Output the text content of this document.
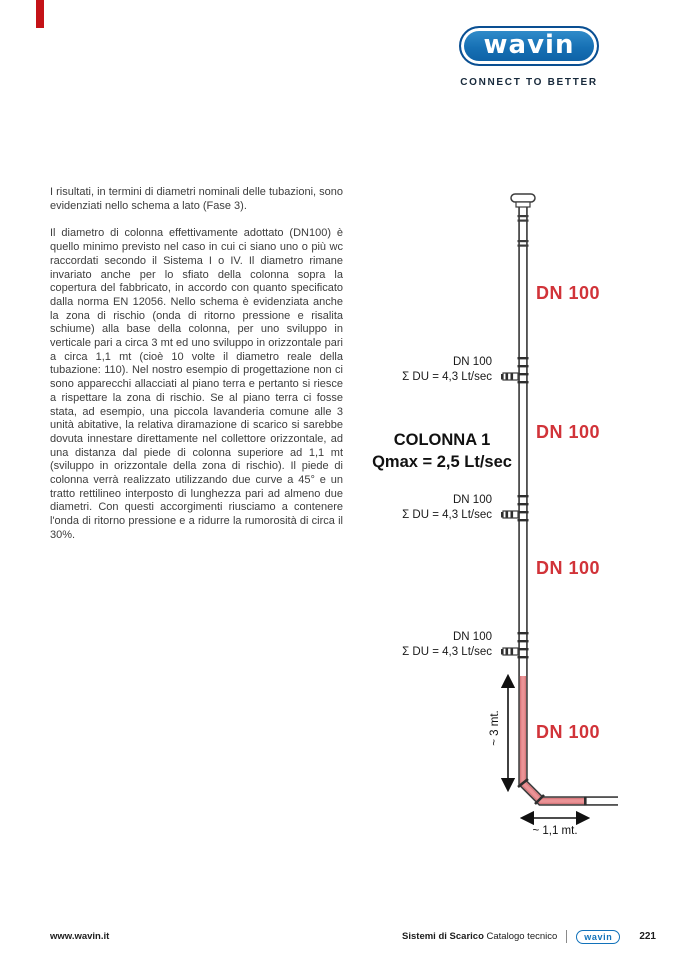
wavin
CONNECT TO BETTER

I risultati, in termini di diametri nominali delle tubazioni, sono evidenziati nello schema a lato (Fase 3).

Il diametro di colonna effettivamente adottato (DN100) è quello minimo previsto nel caso in cui ci siano uno o più wc raccordati secondo il Sistema I o IV. Il diametro rimane invariato anche per lo sfiato della colonna sopra la copertura del fabbricato, in accordo con quanto specificato dalla norma EN 12056. Nello schema è evidenziata anche la zona di rischio (onda di ritorno pressione e risalita schiume) alla base della colonna, per uno sviluppo in verticale pari a circa 3 mt ed uno sviluppo in orizzontale pari a circa 1,1 mt (cioè 10 volte il diametro reale della tubazione: 110). Nel nostro esempio di progettazione non ci sono apparecchi allacciati al piano terra e pertanto si riesce a rispettare la zona di rischio. Se al piano terra ci fosse stata, ad esempio, una piccola lavanderia comune alle 3 unità abitative, la relativa diramazione di scarico si sarebbe dovuta innestare direttamente nel collettore orizzontale, ad una distanza dal piede di colonna superiore ad 1,1 mt (sviluppo in orizzontale della zona di rischio). Il piede di colonna verrà realizzato utilizzando due curve a 45° e un tratto rettilineo interposto di lunghezza pari ad almeno due diametri. Con questi accorgimenti riusciamo a contenere l'onda di ritorno pressione e a ridurre la rumorosità di circa il 30%.

DN 100
DN 100
DN 100
DN 100
DN 100
Σ DU = 4,3 Lt/sec
DN 100
Σ DU = 4,3 Lt/sec
DN 100
Σ DU = 4,3 Lt/sec
COLONNA 1
Qmax = 2,5 Lt/sec
~ 3 mt.
~ 1,1 mt.
www.wavin.it	Sistemi di Scarico Catalogo tecnico	wavin	221
